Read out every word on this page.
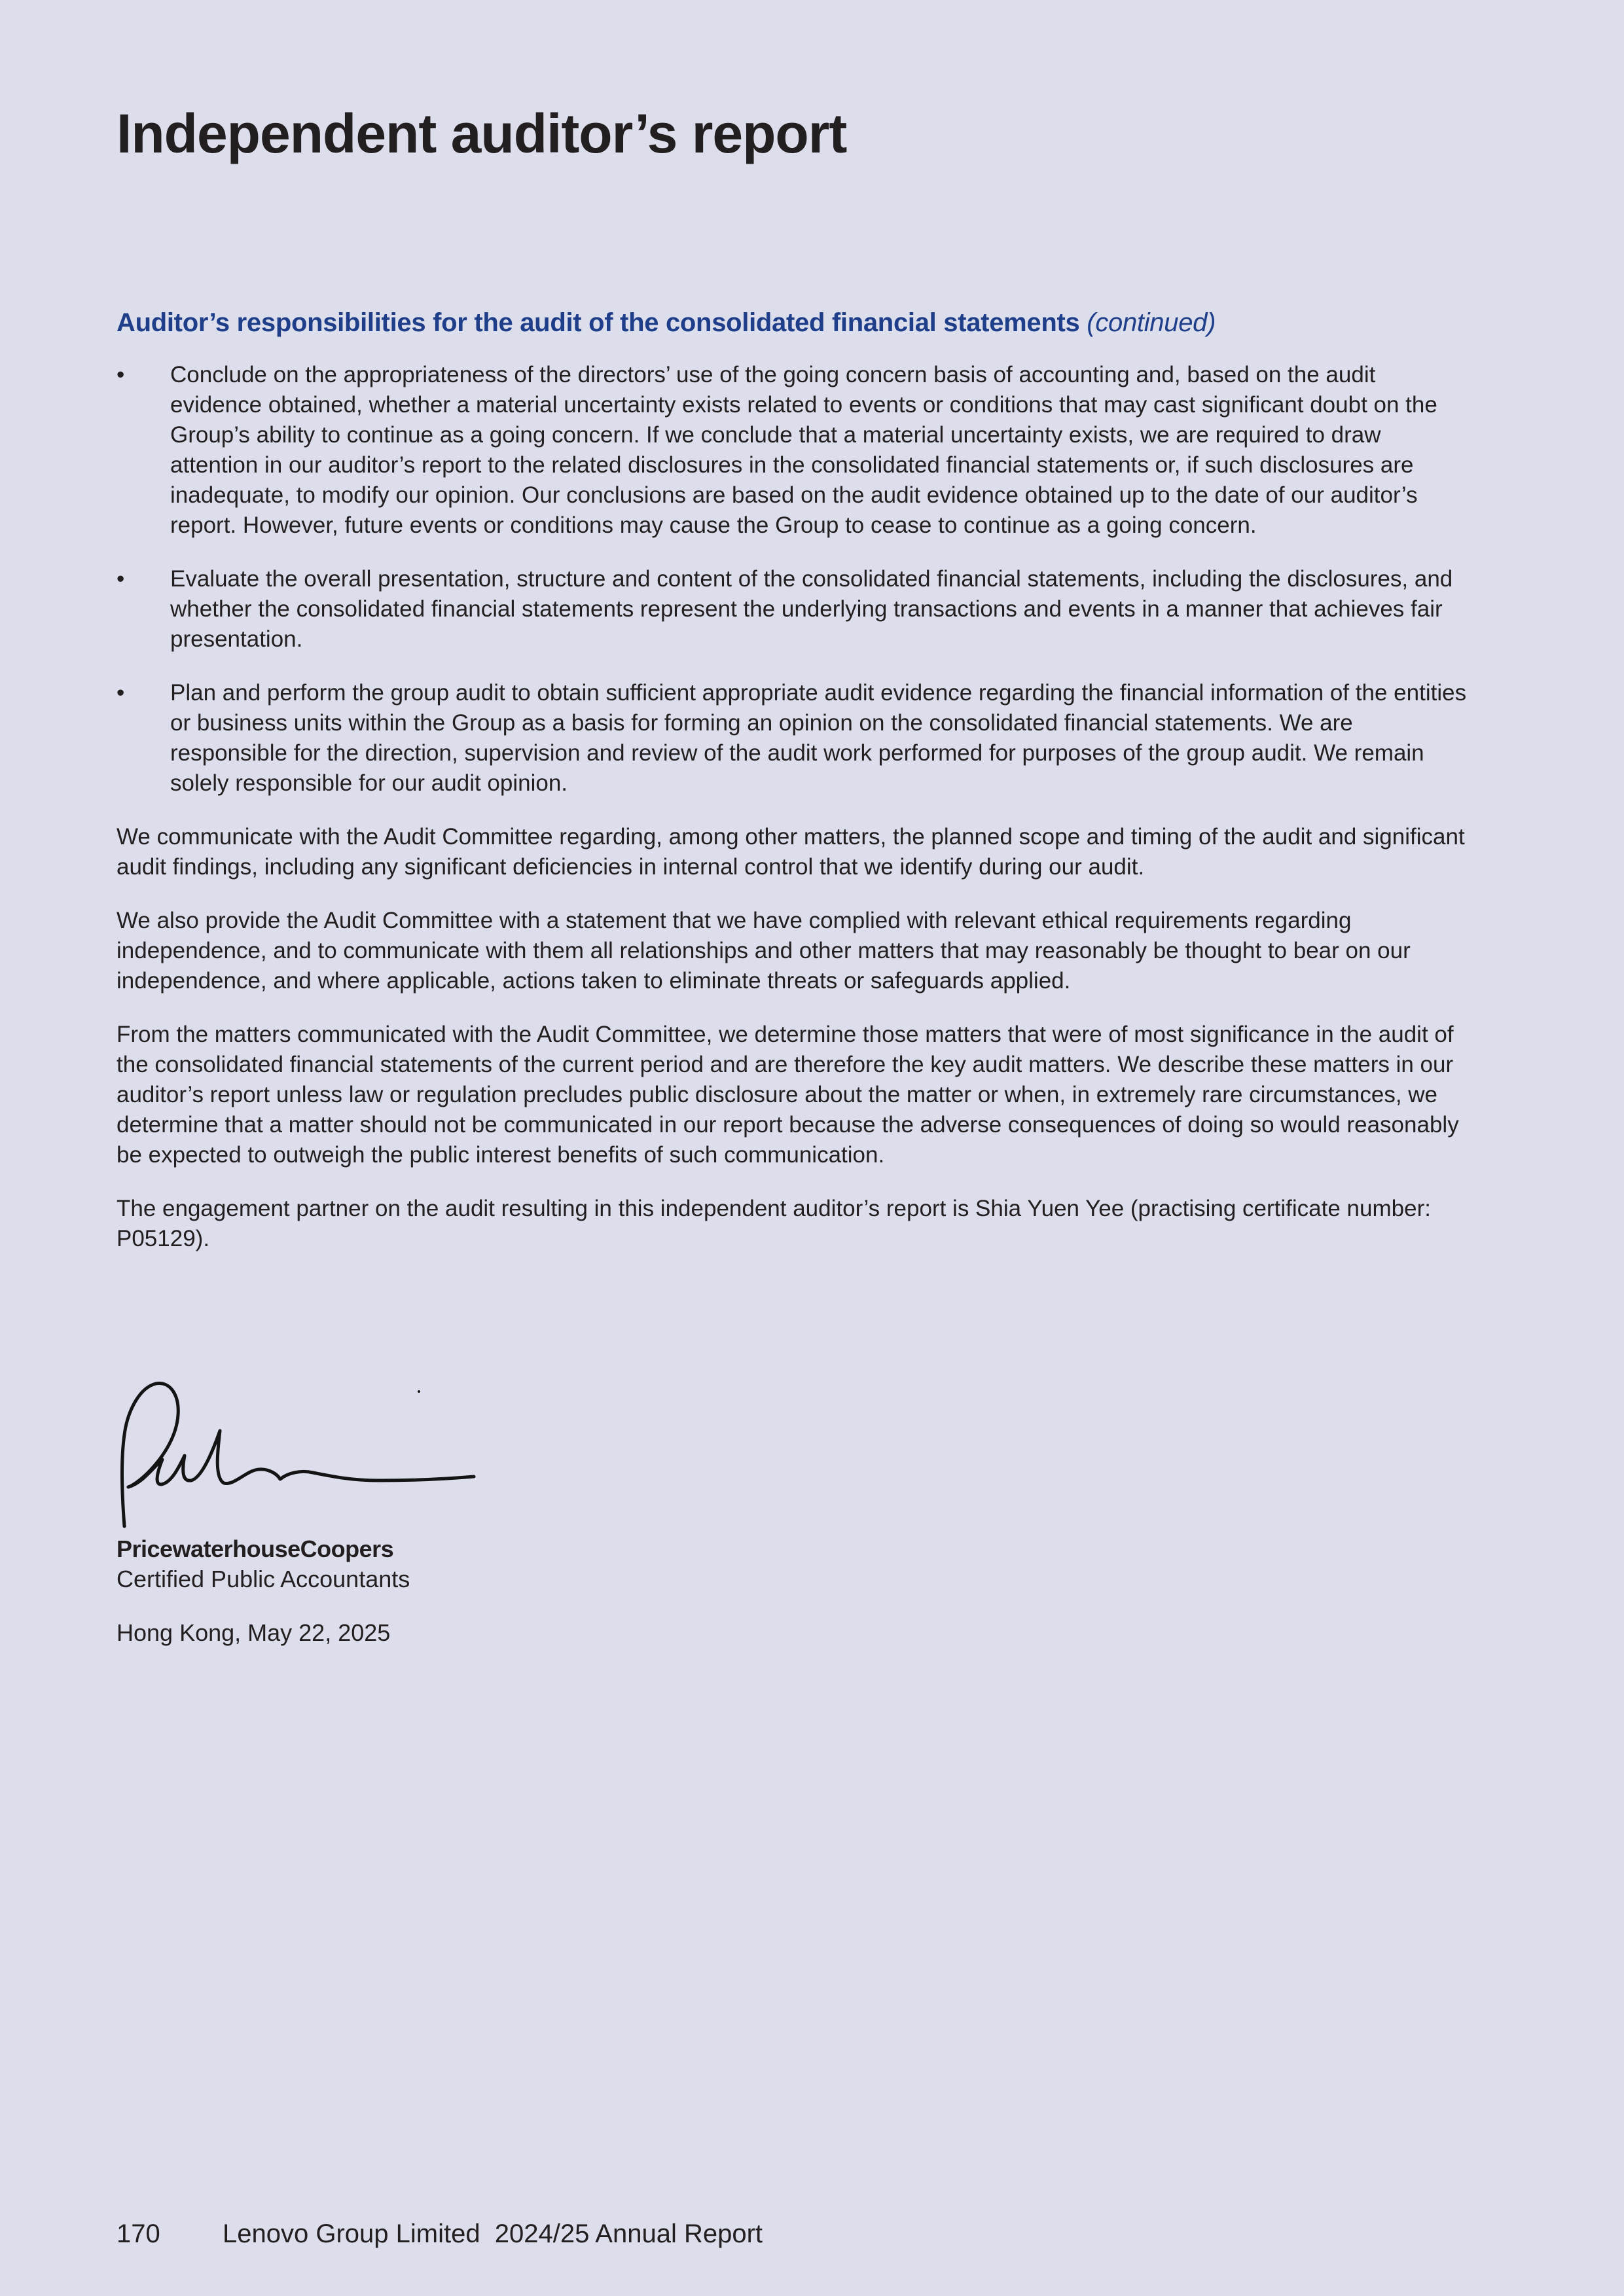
Independent auditor’s report
Auditor’s responsibilities for the audit of the consolidated financial statements (continued)
•	Conclude on the appropriateness of the directors’ use of the going concern basis of accounting and, based on the audit evidence obtained, whether a material uncertainty exists related to events or conditions that may cast significant doubt on the Group’s ability to continue as a going concern. If we conclude that a material uncertainty exists, we are required to draw attention in our auditor’s report to the related disclosures in the consolidated financial statements or, if such disclosures are inadequate, to modify our opinion. Our conclusions are based on the audit evidence obtained up to the date of our auditor’s report. However, future events or conditions may cause the Group to cease to continue as a going concern.
•	Evaluate the overall presentation, structure and content of the consolidated financial statements, including the disclosures, and whether the consolidated financial statements represent the underlying transactions and events in a manner that achieves fair presentation.
•	Plan and perform the group audit to obtain sufficient appropriate audit evidence regarding the financial information of the entities or business units within the Group as a basis for forming an opinion on the consolidated financial statements. We are responsible for the direction, supervision and review of the audit work performed for purposes of the group audit. We remain solely responsible for our audit opinion.

We communicate with the Audit Committee regarding, among other matters, the planned scope and timing of the audit and significant audit findings, including any significant deficiencies in internal control that we identify during our audit.

We also provide the Audit Committee with a statement that we have complied with relevant ethical requirements regarding independence, and to communicate with them all relationships and other matters that may reasonably be thought to bear on our independence, and where applicable, actions taken to eliminate threats or safeguards applied.

From the matters communicated with the Audit Committee, we determine those matters that were of most significance in the audit of the consolidated financial statements of the current period and are therefore the key audit matters. We describe these matters in our auditor’s report unless law or regulation precludes public disclosure about the matter or when, in extremely rare circumstances, we determine that a matter should not be communicated in our report because the adverse consequences of doing so would reasonably be expected to outweigh the public interest benefits of such communication.

The engagement partner on the audit resulting in this independent auditor’s report is Shia Yuen Yee (practising certificate number: P05129).

PricewaterhouseCoopers

Certified Public Accountants

Hong Kong, May 22, 2025

170 Lenovo Group Limited  2024/25 Annual Report
